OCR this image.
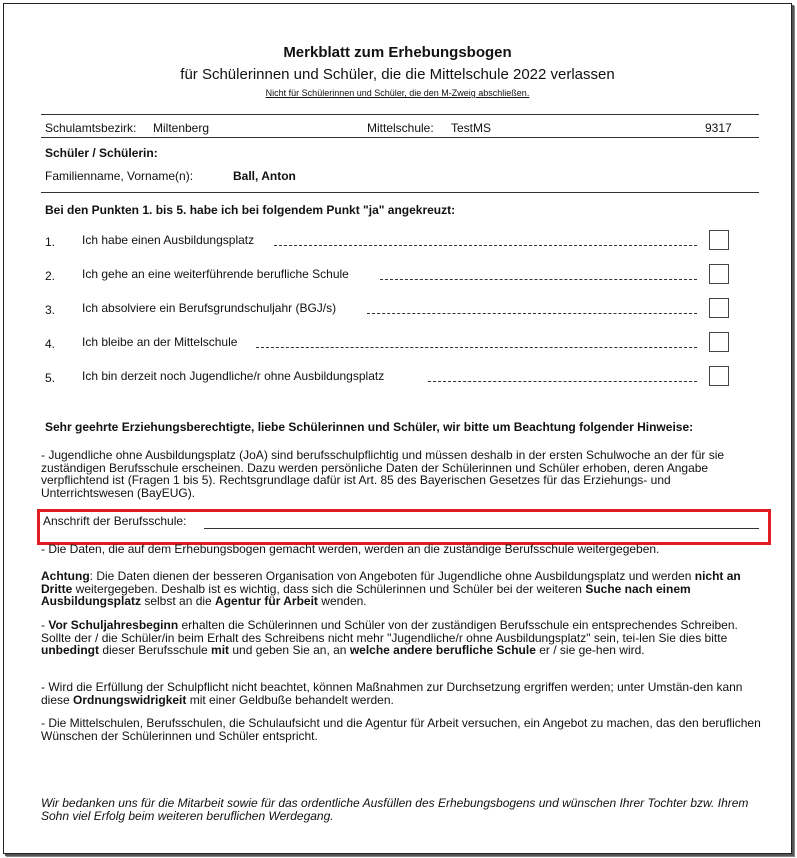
Merkblatt zum Erhebungsbogen
für Schülerinnen und Schüler, die die Mittelschule 2022 verlassen
Nicht für Schülerinnen und Schüler, die den M-Zweig abschließen.
Schulamtsbezirk: Miltenberg	Mittelschule: TestMS	9317
Schüler / Schülerin:
Familienname, Vorname(n):	Ball, Anton
Bei den Punkten 1. bis 5. habe ich bei folgendem Punkt "ja" angekreuzt:
1. Ich habe einen Ausbildungsplatz
2. Ich gehe an eine weiterführende berufliche Schule
3. Ich absolviere ein Berufsgrundschuljahr (BGJ/s)
4. Ich bleibe an der Mittelschule
5. Ich bin derzeit noch Jugendliche/r ohne Ausbildungsplatz
Sehr geehrte Erziehungsberechtigte, liebe Schülerinnen und Schüler, wir bitte um Beachtung folgender Hinweise:
- Jugendliche ohne Ausbildungsplatz (JoA) sind berufsschulpflichtig und müssen deshalb in der ersten Schulwoche an der für sie zuständigen Berufsschule erscheinen. Dazu werden persönliche Daten der Schülerinnen und Schüler erhoben, deren Angabe verpflichtend ist (Fragen 1 bis 5). Rechtsgrundlage dafür ist Art. 85 des Bayerischen Gesetzes für das Erziehungs- und Unterrichtswesen (BayEUG).
Anschrift der Berufsschule:
- Die Daten, die auf dem Erhebungsbogen gemacht werden, werden an die zuständige Berufsschule weitergegeben.
Achtung: Die Daten dienen der besseren Organisation von Angeboten für Jugendliche ohne Ausbildungsplatz und werden nicht an Dritte weitergegeben. Deshalb ist es wichtig, dass sich die Schülerinnen und Schüler bei der weiteren Suche nach einem Ausbildungsplatz selbst an die Agentur für Arbeit wenden.
- Vor Schuljahresbeginn erhalten die Schülerinnen und Schüler von der zuständigen Berufsschule ein entsprechendes Schreiben. Sollte der / die Schüler/in beim Erhalt des Schreibens nicht mehr "Jugendliche/r ohne Ausbildungsplatz" sein, tei-len Sie dies bitte unbedingt dieser Berufsschule mit und geben Sie an, an welche andere berufliche Schule er / sie ge-hen wird.
- Wird die Erfüllung der Schulpflicht nicht beachtet, können Maßnahmen zur Durchsetzung ergriffen werden; unter Umstän-den kann diese Ordnungswidrigkeit mit einer Geldbuße behandelt werden.
- Die Mittelschulen, Berufsschulen, die Schulaufsicht und die Agentur für Arbeit versuchen, ein Angebot zu machen, das den beruflichen Wünschen der Schülerinnen und Schüler entspricht.
Wir bedanken uns für die Mitarbeit sowie für das ordentliche Ausfüllen des Erhebungsbogens und wünschen Ihrer Tochter bzw. Ihrem Sohn viel Erfolg beim weiteren beruflichen Werdegang.
